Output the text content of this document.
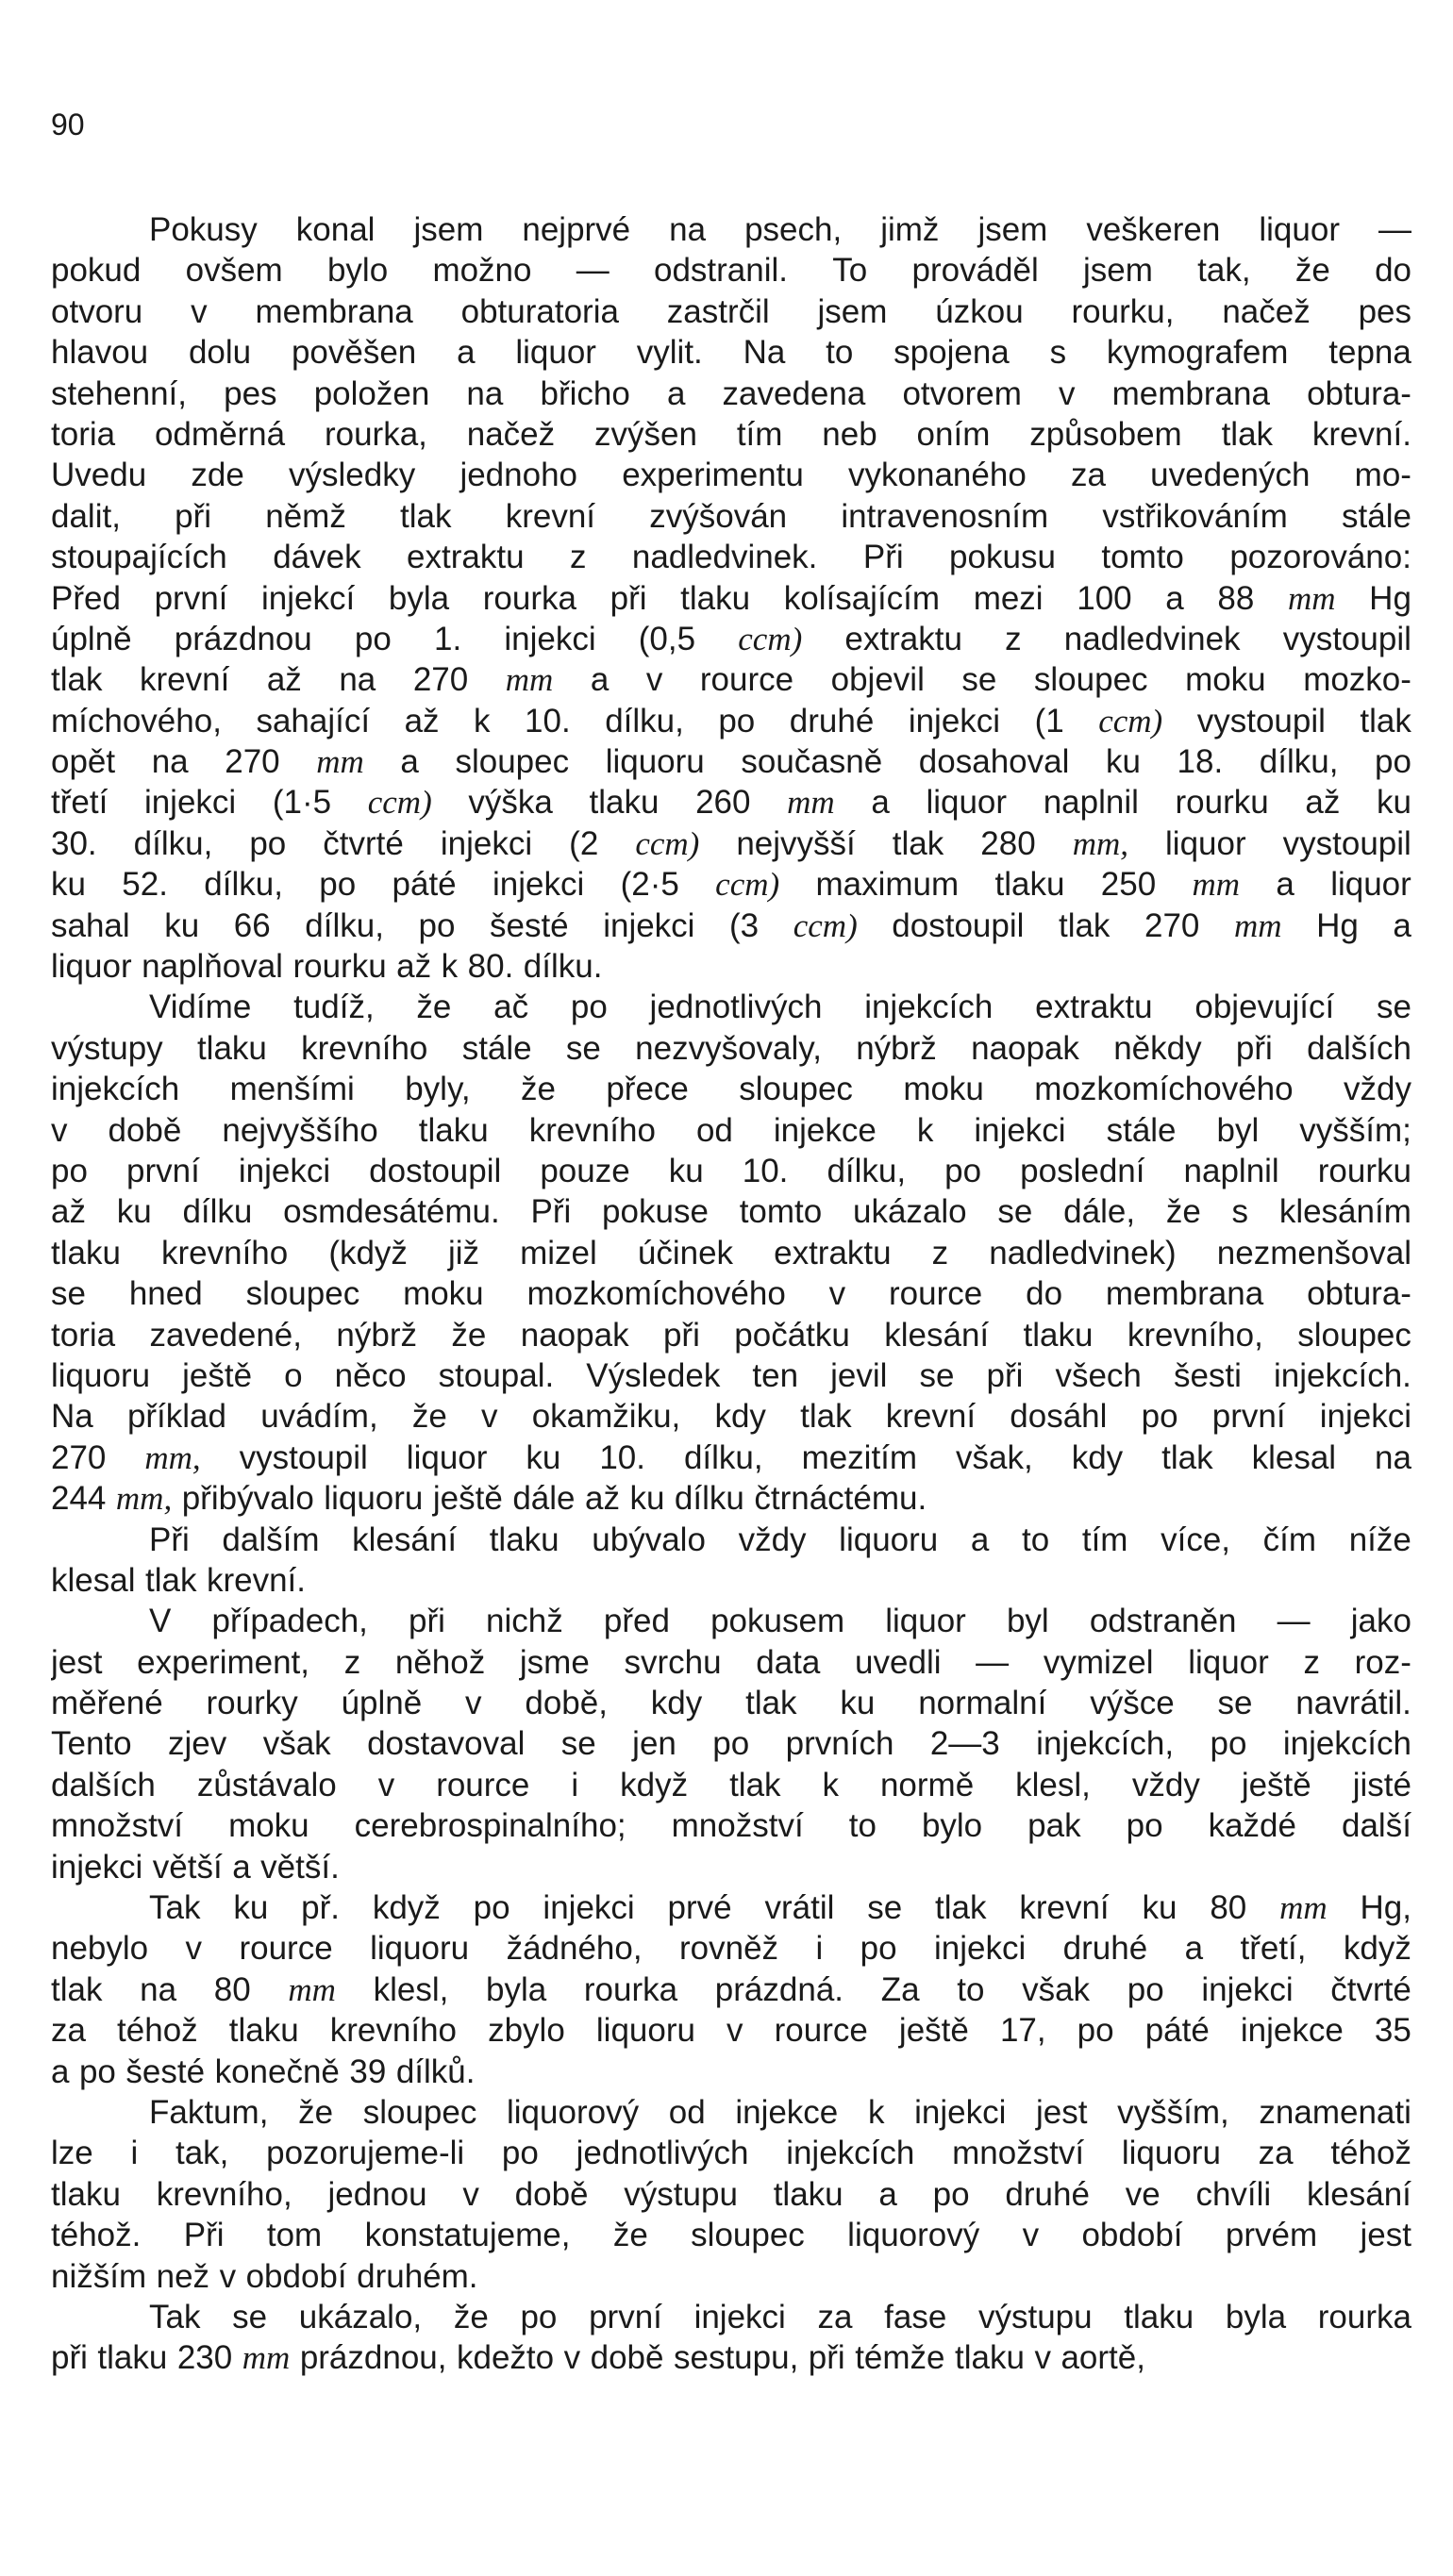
90
Pokusy konal jsem nejprvé na psech, jimž jsem veškeren liquor —
pokud ovšem bylo možno — odstranil. To prováděl jsem tak, že do
otvoru v membrana obturatoria zastrčil jsem úzkou rourku, načež pes
hlavou dolu pověšen a liquor vylit. Na to spojena s kymografem tepna
stehenní, pes položen na břicho a zavedena otvorem v membrana obtura-
toria odměrná rourka, načež zvýšen tím neb oním způsobem tlak krevní.
Uvedu zde výsledky jednoho experimentu vykonaného za uvedených mo-
dalit, při němž tlak krevní zvýšován intravenosním vstřikováním stále
stoupajících dávek extraktu z nadledvinek. Při pokusu tomto pozorováno:
Před první injekcí byla rourka při tlaku kolísajícím mezi 100 a 88 mm Hg
úplně prázdnou po 1. injekci (0,5 ccm) extraktu z nadledvinek vystoupil
tlak krevní až na 270 mm a v rource objevil se sloupec moku mozko-
míchového, sahající až k 10. dílku, po druhé injekci (1 ccm) vystoupil tlak
opět na 270 mm a sloupec liquoru současně dosahoval ku 18. dílku, po
třetí injekci (1·5 ccm) výška tlaku 260 mm a liquor naplnil rourku až ku
30. dílku, po čtvrté injekci (2 ccm) nejvyšší tlak 280 mm, liquor vystoupil
ku 52. dílku, po páté injekci (2·5 ccm) maximum tlaku 250 mm a liquor
sahal ku 66 dílku, po šesté injekci (3 ccm) dostoupil tlak 270 mm Hg a
liquor naplňoval rourku až k 80. dílku.
Vidíme tudíž, že ač po jednotlivých injekcích extraktu objevující se
výstupy tlaku krevního stále se nezvyšovaly, nýbrž naopak někdy při dalších
injekcích menšími byly, že přece sloupec moku mozkomíchového vždy
v době nejvyššího tlaku krevního od injekce k injekci stále byl vyšším;
po první injekci dostoupil pouze ku 10. dílku, po poslední naplnil rourku
až ku dílku osmdesátému. Při pokuse tomto ukázalo se dále, že s klesáním
tlaku krevního (když již mizel účinek extraktu z nadledvinek) nezmenšoval
se hned sloupec moku mozkomíchového v rource do membrana obtura-
toria zavedené, nýbrž že naopak při počátku klesání tlaku krevního, sloupec
liquoru ještě o něco stoupal. Výsledek ten jevil se při všech šesti injekcích.
Na příklad uvádím, že v okamžiku, kdy tlak krevní dosáhl po první injekci
270 mm, vystoupil liquor ku 10. dílku, mezitím však, kdy tlak klesal na
244 mm, přibývalo liquoru ještě dále až ku dílku čtrnáctému.
Při dalším klesání tlaku ubývalo vždy liquoru a to tím více, čím níže
klesal tlak krevní.
V případech, při nichž před pokusem liquor byl odstraněn — jako
jest experiment, z něhož jsme svrchu data uvedli — vymizel liquor z roz-
měřené rourky úplně v době, kdy tlak ku normalní výšce se navrátil.
Tento zjev však dostavoval se jen po prvních 2—3 injekcích, po injekcích
dalších zůstávalo v rource i když tlak k normě klesl, vždy ještě jisté
množství moku cerebrospinalního; množství to bylo pak po každé další
injekci větší a větší.
Tak ku př. když po injekci prvé vrátil se tlak krevní ku 80 mm Hg,
nebylo v rource liquoru žádného, rovněž i po injekci druhé a třetí, když
tlak na 80 mm klesl, byla rourka prázdná. Za to však po injekci čtvrté
za téhož tlaku krevního zbylo liquoru v rource ještě 17, po páté injekce 35
a po šesté konečně 39 dílků.
Faktum, že sloupec liquorový od injekce k injekci jest vyšším, znamenati
lze i tak, pozorujeme-li po jednotlivých injekcích množství liquoru za téhož
tlaku krevního, jednou v době výstupu tlaku a po druhé ve chvíli klesání
téhož. Při tom konstatujeme, že sloupec liquorový v období prvém jest
nižším než v období druhém.
Tak se ukázalo, že po první injekci za fase výstupu tlaku byla rourka
při tlaku 230 mm prázdnou, kdežto v době sestupu, při témže tlaku v aortě,
